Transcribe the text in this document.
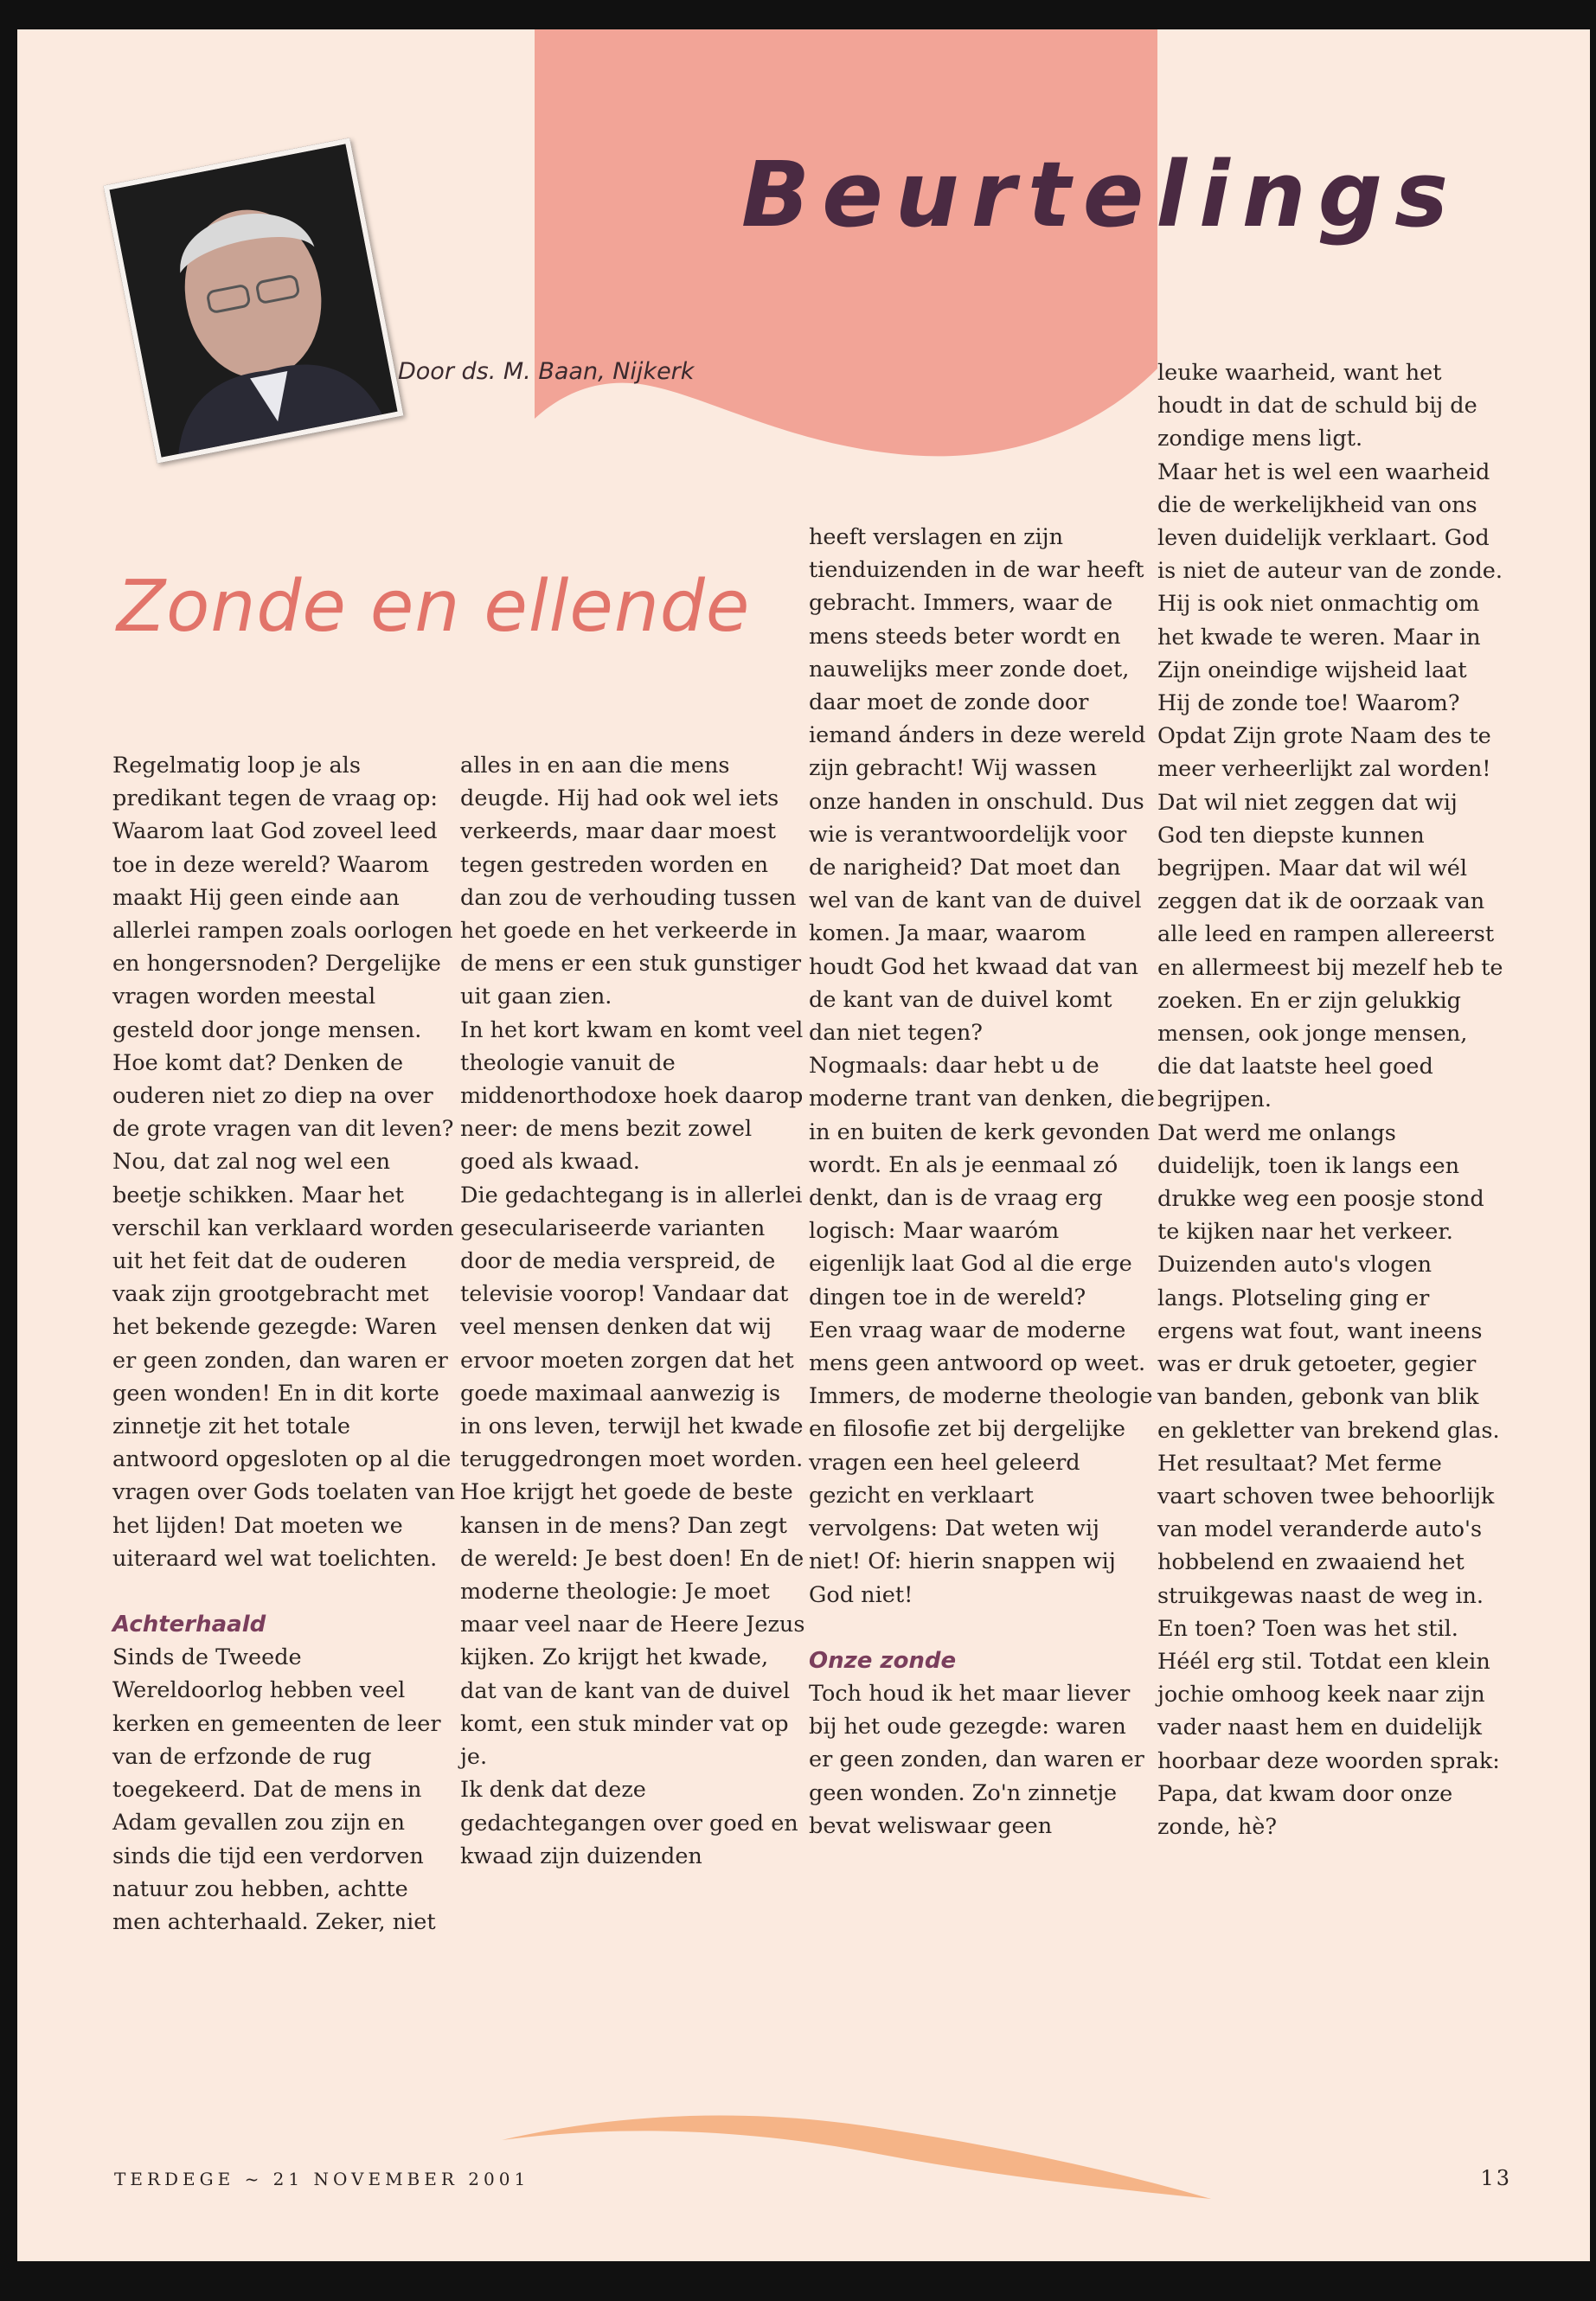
Door ds. M. Baan, Nijkerk
Beurtelings
Zonde en ellende

Regelmatig loop je als predikant tegen de vraag op: Waarom laat God zoveel leed toe in deze wereld? Waarom maakt Hij geen einde aan allerlei rampen zoals oorlogen en hongersnoden? Dergelijke vragen worden meestal gesteld door jonge mensen. Hoe komt dat? Denken de ouderen niet zo diep na over de grote vragen van dit leven? Nou, dat zal nog wel een beetje schikken. Maar het verschil kan verklaard worden uit het feit dat de ouderen vaak zijn grootgebracht met het bekende gezegde: Waren er geen zonden, dan waren er geen wonden! En in dit korte zinnetje zit het totale antwoord opgesloten op al die vragen over Gods toelaten van het lijden! Dat moeten we uiteraard wel wat toelichten.

Achterhaald

Sinds de Tweede Wereldoorlog hebben veel kerken en gemeenten de leer van de erfzonde de rug toegekeerd. Dat de mens in Adam gevallen zou zijn en sinds die tijd een verdorven natuur zou hebben, achtte men achterhaald. Zeker, niet

alles in en aan die mens deugde. Hij had ook wel iets verkeerds, maar daar moest tegen gestreden worden en dan zou de verhouding tussen het goede en het verkeerde in de mens er een stuk gunstiger uit gaan zien.

In het kort kwam en komt veel theologie vanuit de middenorthodoxe hoek daarop neer: de mens bezit zowel goed als kwaad.

Die gedachtegang is in allerlei geseculariseerde varianten door de media verspreid, de televisie voorop! Vandaar dat veel mensen denken dat wij ervoor moeten zorgen dat het goede maximaal aanwezig is in ons leven, terwijl het kwade teruggedrongen moet worden. Hoe krijgt het goede de beste kansen in de mens? Dan zegt de wereld: Je best doen! En de moderne theologie: Je moet maar veel naar de Heere Jezus kijken. Zo krijgt het kwade, dat van de kant van de duivel komt, een stuk minder vat op je.

Ik denk dat deze gedachtegangen over goed en kwaad zijn duizenden

heeft verslagen en zijn tienduizenden in de war heeft gebracht. Immers, waar de mens steeds beter wordt en nauwelijks meer zonde doet, daar moet de zonde door iemand ánders in deze wereld zijn gebracht! Wij wassen onze handen in onschuld. Dus wie is verantwoordelijk voor de narigheid? Dat moet dan wel van de kant van de duivel komen. Ja maar, waarom houdt God het kwaad dat van de kant van de duivel komt dan niet tegen?

Nogmaals: daar hebt u de moderne trant van denken, die in en buiten de kerk gevonden wordt. En als je eenmaal zó denkt, dan is de vraag erg logisch: Maar waaróm eigenlijk laat God al die erge dingen toe in de wereld?

Een vraag waar de moderne mens geen antwoord op weet. Immers, de moderne theologie en filosofie zet bij dergelijke vragen een heel geleerd gezicht en verklaart vervolgens: Dat weten wij niet! Of: hierin snappen wij God niet!

Onze zonde

Toch houd ik het maar liever bij het oude gezegde: waren er geen zonden, dan waren er geen wonden. Zo'n zinnetje bevat weliswaar geen

leuke waarheid, want het houdt in dat de schuld bij de zondige mens ligt.

Maar het is wel een waarheid die de werkelijkheid van ons leven duidelijk verklaart. God is niet de auteur van de zonde. Hij is ook niet onmachtig om het kwade te weren. Maar in Zijn oneindige wijsheid laat Hij de zonde toe! Waarom? Opdat Zijn grote Naam des te meer verheerlijkt zal worden! Dat wil niet zeggen dat wij God ten diepste kunnen begrijpen. Maar dat wil wél zeggen dat ik de oorzaak van alle leed en rampen allereerst en allermeest bij mezelf heb te zoeken. En er zijn gelukkig mensen, ook jonge mensen, die dat laatste heel goed begrijpen.

Dat werd me onlangs duidelijk, toen ik langs een drukke weg een poosje stond te kijken naar het verkeer. Duizenden auto's vlogen langs. Plotseling ging er ergens wat fout, want ineens was er druk getoeter, gegier van banden, gebonk van blik en gekletter van brekend glas. Het resultaat? Met ferme vaart schoven twee behoorlijk van model veranderde auto's hobbelend en zwaaiend het struikgewas naast de weg in. En toen? Toen was het stil. Héél erg stil. Totdat een klein jochie omhoog keek naar zijn vader naast hem en duidelijk hoorbaar deze woorden sprak: Papa, dat kwam door onze zonde, hè?

TERDEGE ~ 21 NOVEMBER 2001	13
